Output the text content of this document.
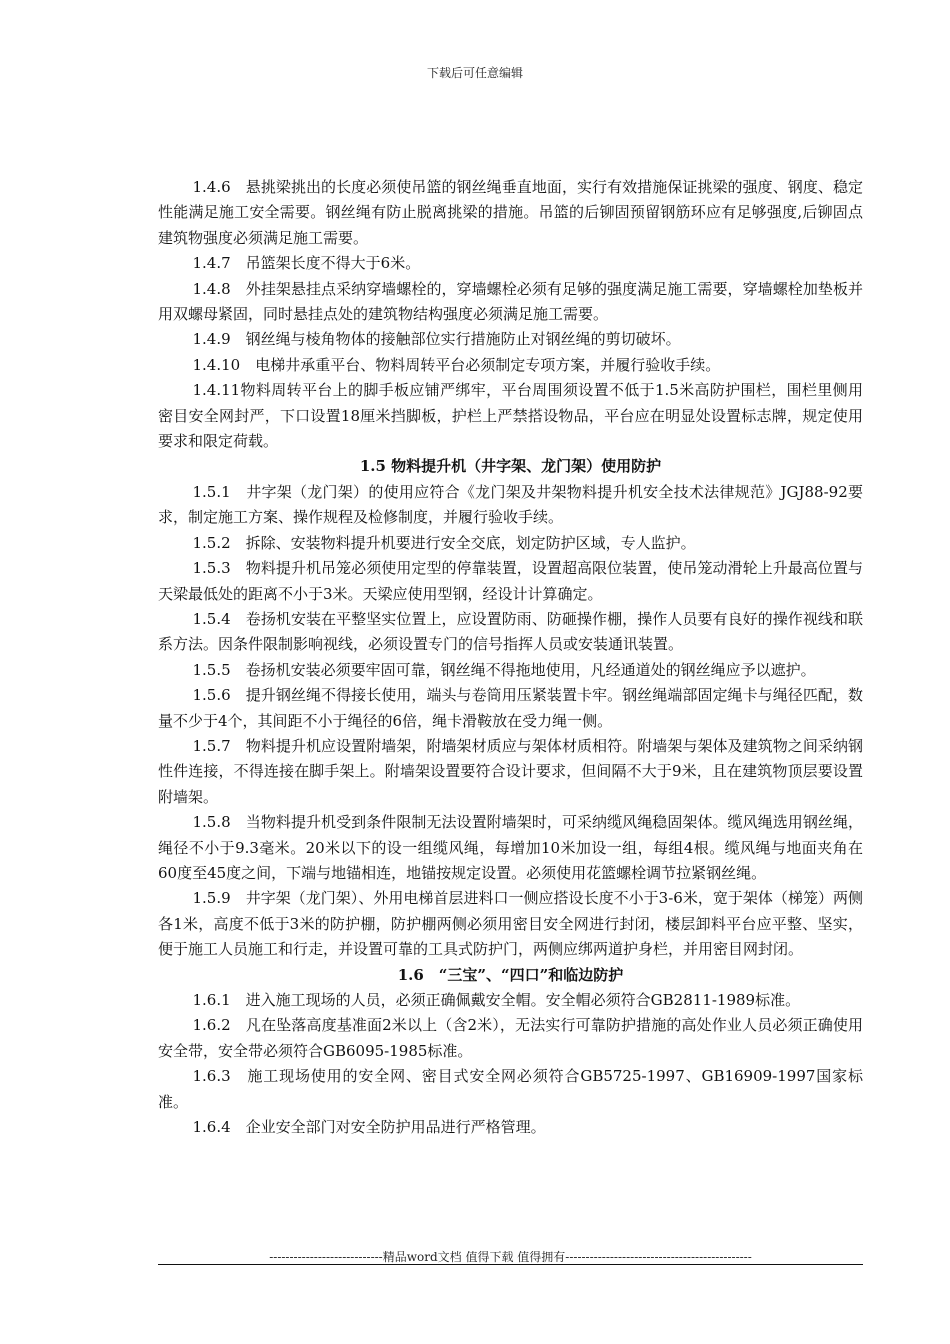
下载后可任意编辑

1.4.6　悬挑梁挑出的长度必须使吊篮的钢丝绳垂直地面，实行有效措施保证挑梁的强度、钢度、稳定性能满足施工安全需要。钢丝绳有防止脱离挑梁的措施。吊篮的后铆固预留钢筋环应有足够强度,后铆固点建筑物强度必须满足施工需要。

1.4.7　吊篮架长度不得大于6米。

1.4.8　外挂架悬挂点采纳穿墙螺栓的，穿墙螺栓必须有足够的强度满足施工需要，穿墙螺栓加垫板并用双螺母紧固，同时悬挂点处的建筑物结构强度必须满足施工需要。

1.4.9　钢丝绳与棱角物体的接触部位实行措施防止对钢丝绳的剪切破坏。

1.4.10　电梯井承重平台、物料周转平台必须制定专项方案，并履行验收手续。

1.4.11物料周转平台上的脚手板应铺严绑牢，平台周围须设置不低于1.5米高防护围栏，围栏里侧用密目安全网封严，下口设置18厘米挡脚板，护栏上严禁搭设物品，平台应在明显处设置标志牌，规定使用要求和限定荷载。

1.5 物料提升机（井字架、龙门架）使用防护

1.5.1　井字架（龙门架）的使用应符合《龙门架及井架物料提升机安全技术法律规范》JGJ88-92要求，制定施工方案、操作规程及检修制度，并履行验收手续。

1.5.2　拆除、安装物料提升机要进行安全交底，划定防护区域，专人监护。

1.5.3　物料提升机吊笼必须使用定型的停靠装置，设置超高限位装置，使吊笼动滑轮上升最高位置与天梁最低处的距离不小于3米。天梁应使用型钢，经设计计算确定。

1.5.4　卷扬机安装在平整坚实位置上，应设置防雨、防砸操作棚，操作人员要有良好的操作视线和联系方法。因条件限制影响视线，必须设置专门的信号指挥人员或安装通讯装置。

1.5.5　卷扬机安装必须要牢固可靠，钢丝绳不得拖地使用，凡经通道处的钢丝绳应予以遮护。

1.5.6　提升钢丝绳不得接长使用，端头与卷筒用压紧装置卡牢。钢丝绳端部固定绳卡与绳径匹配，数量不少于4个，其间距不小于绳径的6倍，绳卡滑鞍放在受力绳一侧。

1.5.7　物料提升机应设置附墙架，附墙架材质应与架体材质相符。附墙架与架体及建筑物之间采纳钢性件连接，不得连接在脚手架上。附墙架设置要符合设计要求，但间隔不大于9米，且在建筑物顶层要设置附墙架。

1.5.8　当物料提升机受到条件限制无法设置附墙架时，可采纳缆风绳稳固架体。缆风绳选用钢丝绳，绳径不小于9.3毫米。20米以下的设一组缆风绳，每增加10米加设一组，每组4根。缆风绳与地面夹角在60度至45度之间，下端与地锚相连，地锚按规定设置。必须使用花篮螺栓调节拉紧钢丝绳。

1.5.9　井字架（龙门架）、外用电梯首层进料口一侧应搭设长度不小于3-6米，宽于架体（梯笼）两侧各1米，高度不低于3米的防护棚，防护棚两侧必须用密目安全网进行封闭，楼层卸料平台应平整、坚实，便于施工人员施工和行走，并设置可靠的工具式防护门，两侧应绑两道护身栏，并用密目网封闭。

1.6　“三宝”、“四口”和临边防护

1.6.1　进入施工现场的人员，必须正确佩戴安全帽。安全帽必须符合GB2811-1989标准。

1.6.2　凡在坠落高度基准面2米以上（含2米），无法实行可靠防护措施的高处作业人员必须正确使用安全带，安全带必须符合GB6095-1985标准。

1.6.3　施工现场使用的安全网、密目式安全网必须符合GB5725-1997、GB16909-1997国家标准。

1.6.4　企业安全部门对安全防护用品进行严格管理。

----------------------------精品word文档 值得下载 值得拥有----------------------------------------------
